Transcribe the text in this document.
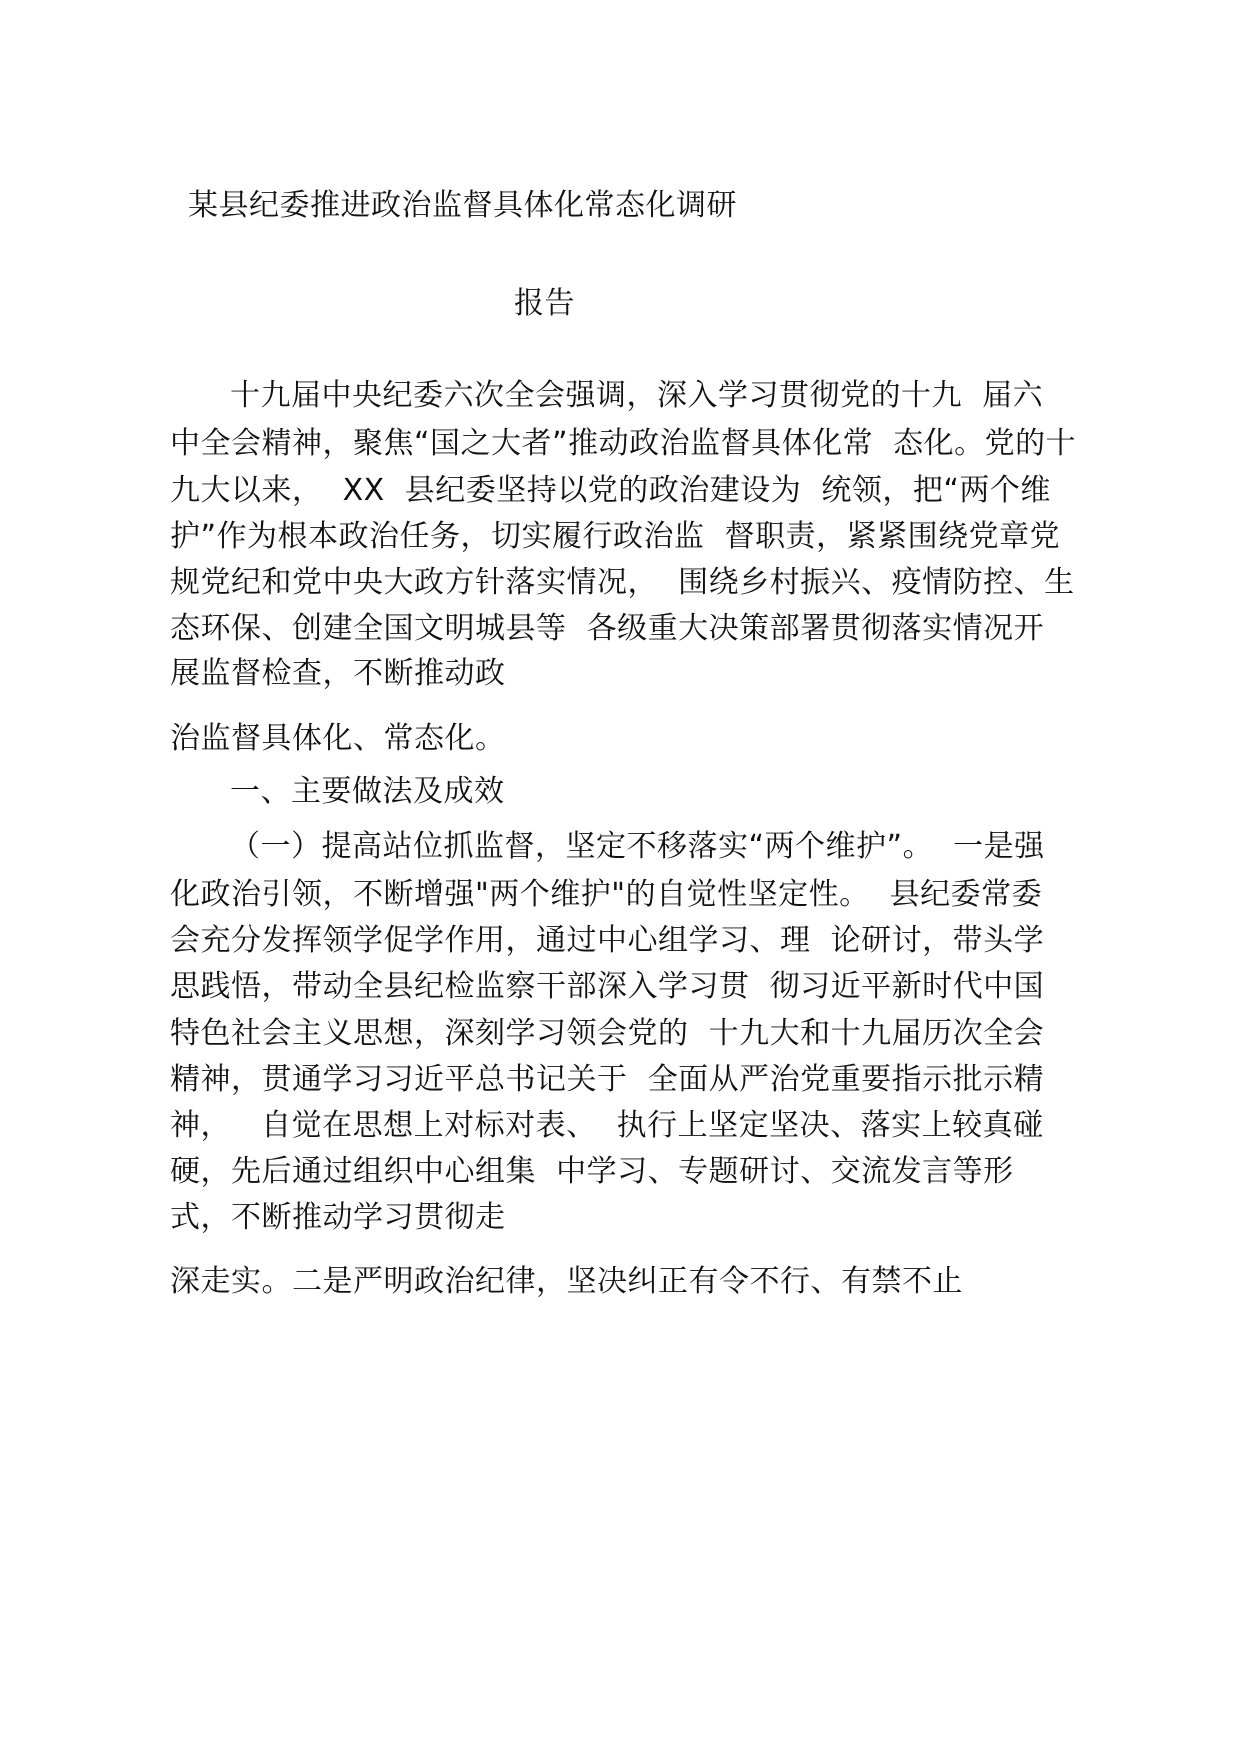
某县纪委推进政治监督具体化常态化调研
报告
十九届中央纪委六次全会强调，深入学习贯彻党的十九  届六
中全会精神，聚焦“国之大者”推动政治监督具体化常  态化。党的十
九大以来，  XX  县纪委坚持以党的政治建设为  统领，把“两个维
护”作为根本政治任务，切实履行政治监  督职责，紧紧围绕党章党
规党纪和党中央大政方针落实情况，  围绕乡村振兴、疫情防控、生
态环保、创建全国文明城县等  各级重大决策部署贯彻落实情况开
展监督检查，不断推动政
治监督具体化、常态化。
一、主要做法及成效
（一）提高站位抓监督，坚定不移落实“两个维护”。  一是强
化政治引领，不断增强"两个维护"的自觉性坚定性。  县纪委常委
会充分发挥领学促学作用，通过中心组学习、理  论研讨，带头学
思践悟，带动全县纪检监察干部深入学习贯  彻习近平新时代中国
特色社会主义思想，深刻学习领会党的  十九大和十九届历次全会
精神，贯通学习习近平总书记关于  全面从严治党重要指示批示精
神，   自觉在思想上对标对表、  执行上坚定坚决、落实上较真碰
硬，先后通过组织中心组集  中学习、专题研讨、交流发言等形
式，不断推动学习贯彻走
深走实。二是严明政治纪律，坚决纠正有令不行、有禁不止
